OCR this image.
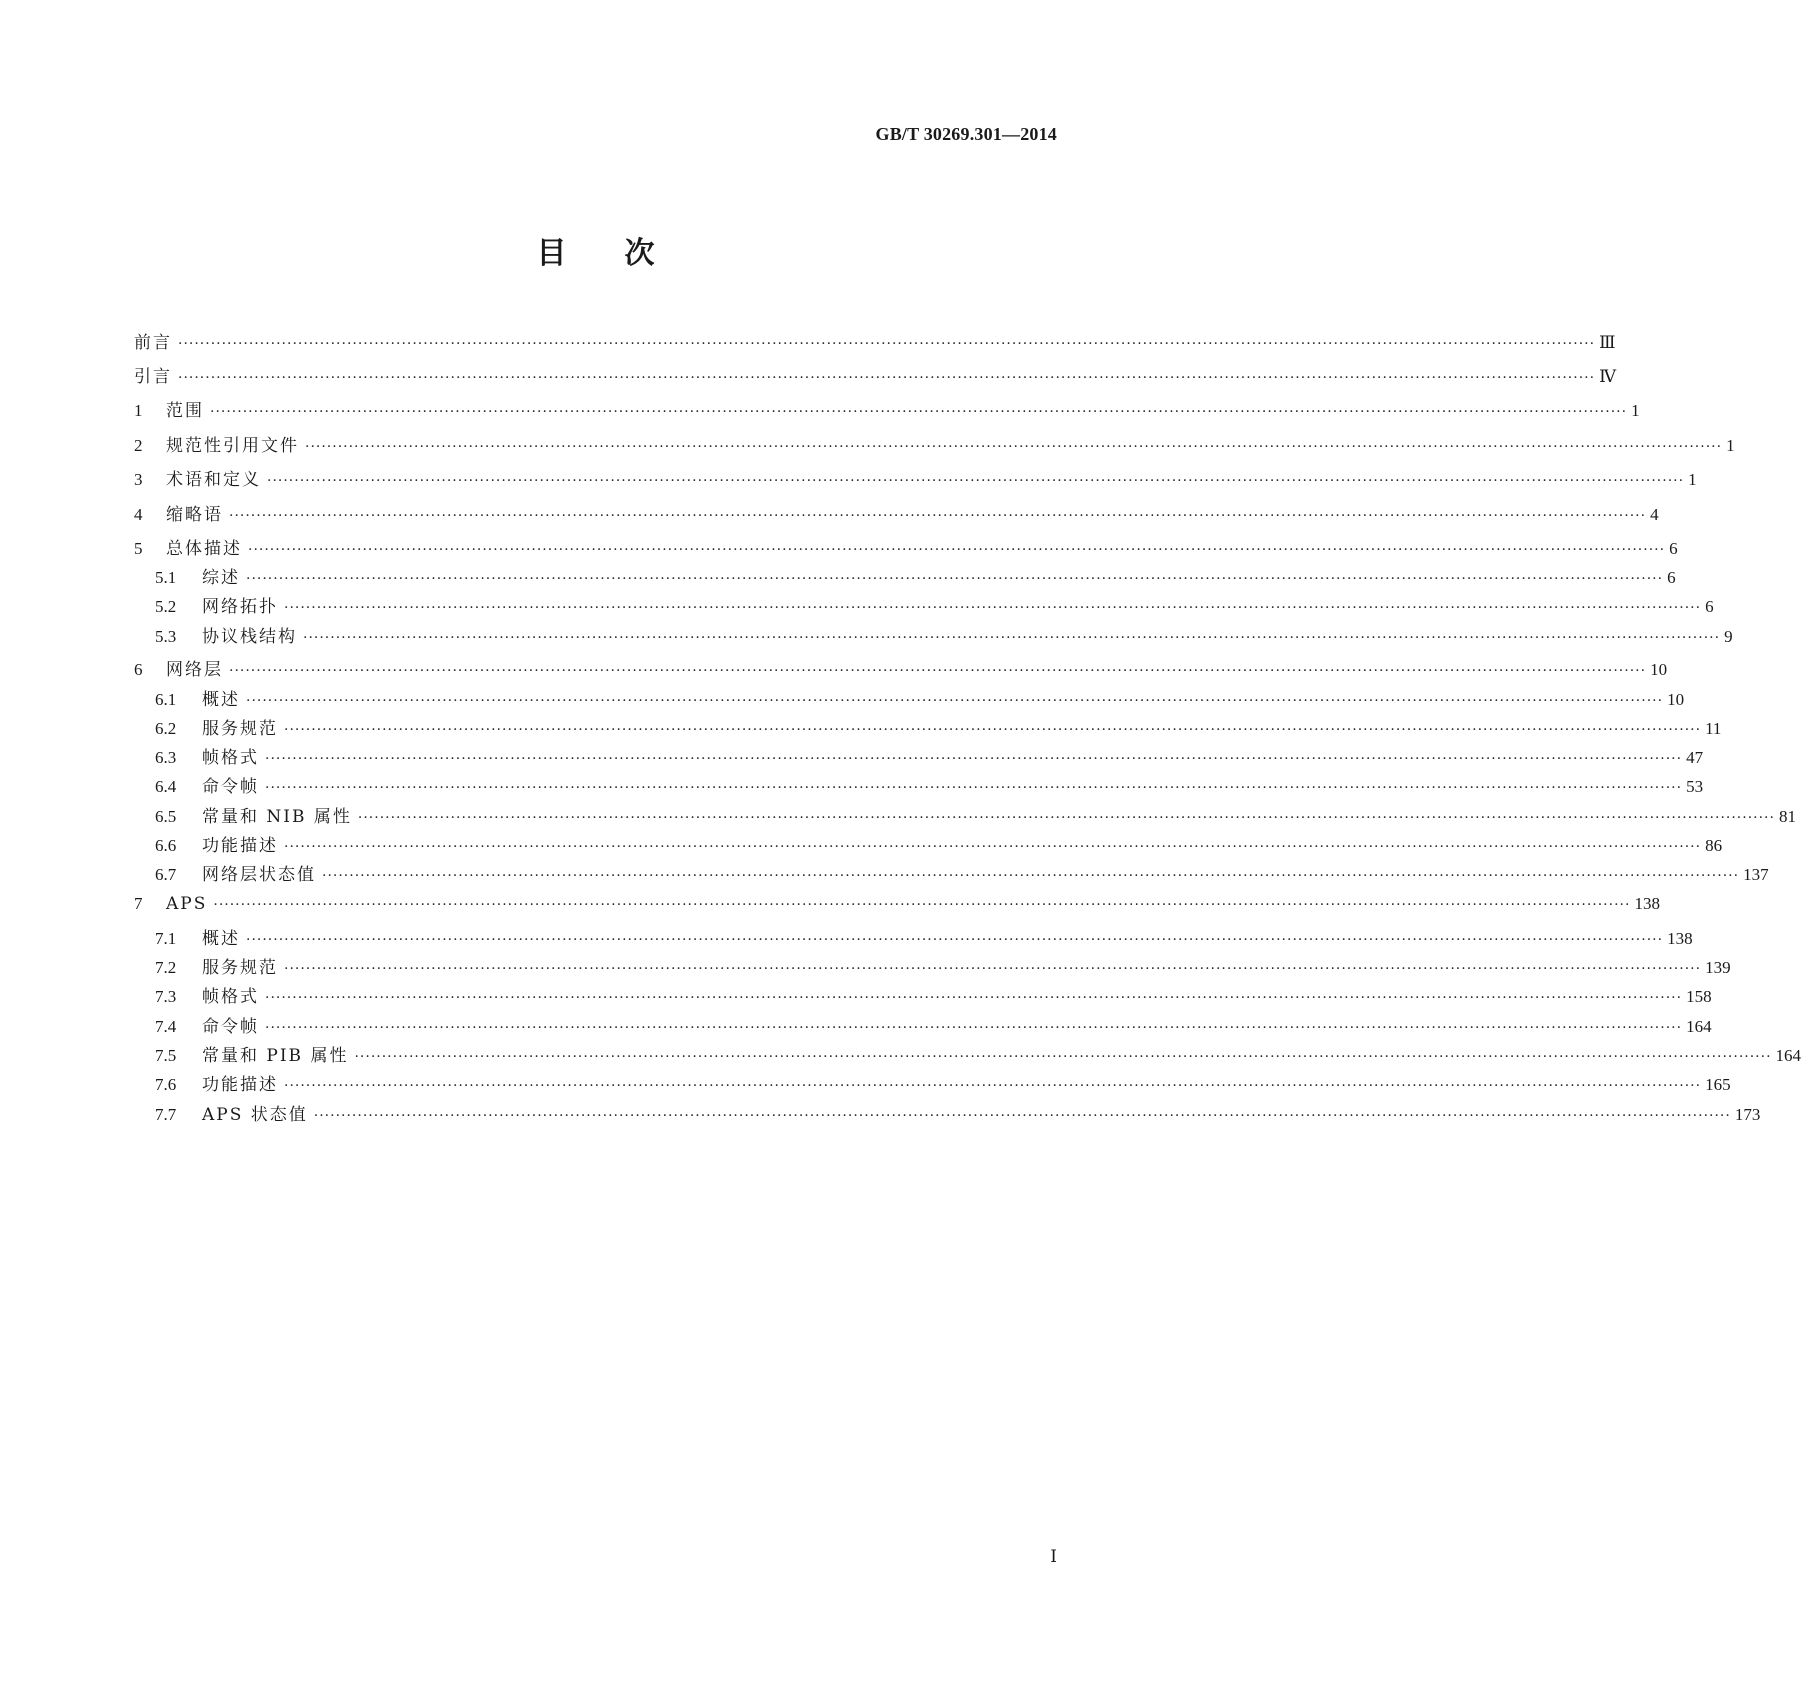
GB/T 30269.301—2014
目次
前言 ···································································································································································································································································· Ⅲ
引言 ···································································································································································································································································· Ⅳ
1	范围 ···································································································································································································································································· 1
2	规范性引用文件 ···································································································································································································································································· 1
3	术语和定义 ···································································································································································································································································· 1
4	缩略语 ···································································································································································································································································· 4
5	总体描述 ···································································································································································································································································· 6
5.1	综述 ···································································································································································································································································· 6
5.2	网络拓扑 ···································································································································································································································································· 6
5.3	协议栈结构 ···································································································································································································································································· 9
6	网络层 ···································································································································································································································································· 10
6.1	概述 ···································································································································································································································································· 10
6.2	服务规范 ···································································································································································································································································· 11
6.3	帧格式 ···································································································································································································································································· 47
6.4	命令帧 ···································································································································································································································································· 53
6.5	常量和 NIB 属性 ···································································································································································································································································· 81
6.6	功能描述 ···································································································································································································································································· 86
6.7	网络层状态值 ···································································································································································································································································· 137
7	APS ···································································································································································································································································· 138
7.1	概述 ···································································································································································································································································· 138
7.2	服务规范 ···································································································································································································································································· 139
7.3	帧格式 ···································································································································································································································································· 158
7.4	命令帧 ···································································································································································································································································· 164
7.5	常量和 PIB 属性 ···································································································································································································································································· 164
7.6	功能描述 ···································································································································································································································································· 165
7.7	APS 状态值 ···································································································································································································································································· 173
Ⅰ
